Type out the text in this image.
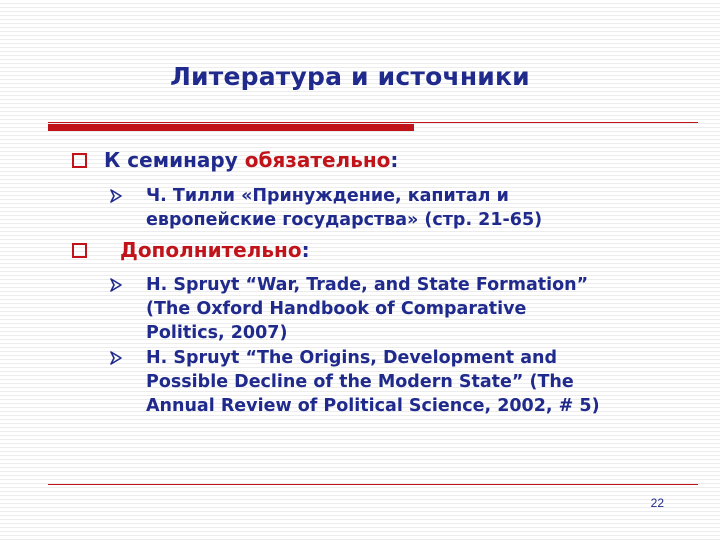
Литература и источники
К семинару обязательно:
Ч. Тилли «Принуждение, капитал и
европейские государства» (стр. 21-65)
Дополнительно:
H. Spruyt “War, Trade, and State Formation”
(The Oxford Handbook of Comparative
Politics, 2007)
H. Spruyt “The Origins, Development and
Possible Decline of the Modern State” (The
Annual Review of Political Science, 2002, # 5)
22
